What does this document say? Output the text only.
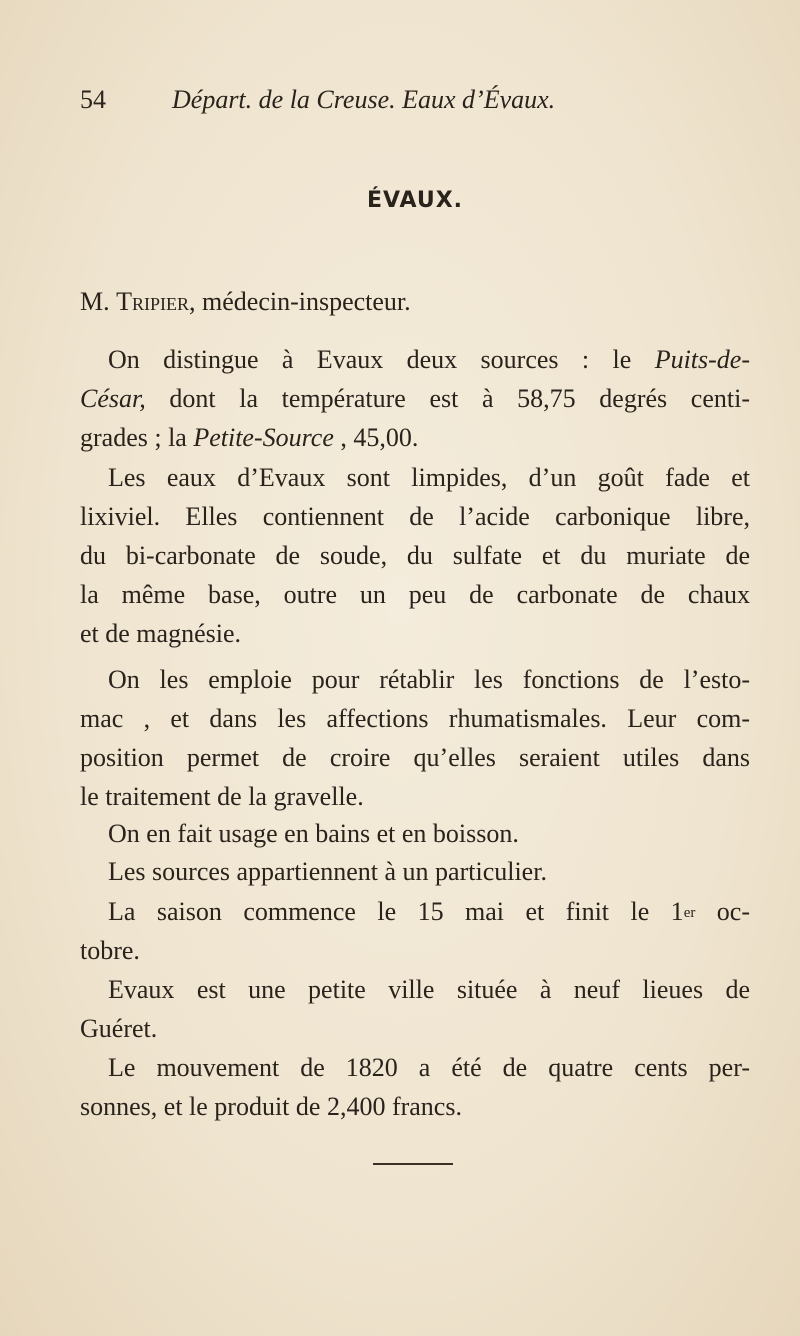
54	Départ. de la Creuse. Eaux d’Évaux.
ÉVAUX.
M. Tripier, médecin-inspecteur.
On distingue à Evaux deux sources : le Puits-de-
César, dont la température est à 58,75 degrés centi-
grades ; la Petite-Source , 45,00.
Les eaux d’Evaux sont limpides, d’un goût fade et
lixiviel. Elles contiennent de l’acide carbonique libre,
du bi-carbonate de soude, du sulfate et du muriate de
la même base, outre un peu de carbonate de chaux
et de magnésie.
On les emploie pour rétablir les fonctions de l’esto-
mac , et dans les affections rhumatismales. Leur com-
position permet de croire qu’elles seraient utiles dans
le traitement de la gravelle.
On en fait usage en bains et en boisson.
Les sources appartiennent à un particulier.
La saison commence le 15 mai et finit le 1er oc-
tobre.
Evaux est une petite ville située à neuf lieues de
Guéret.
Le mouvement de 1820 a été de quatre cents per-
sonnes, et le produit de 2,400 francs.
